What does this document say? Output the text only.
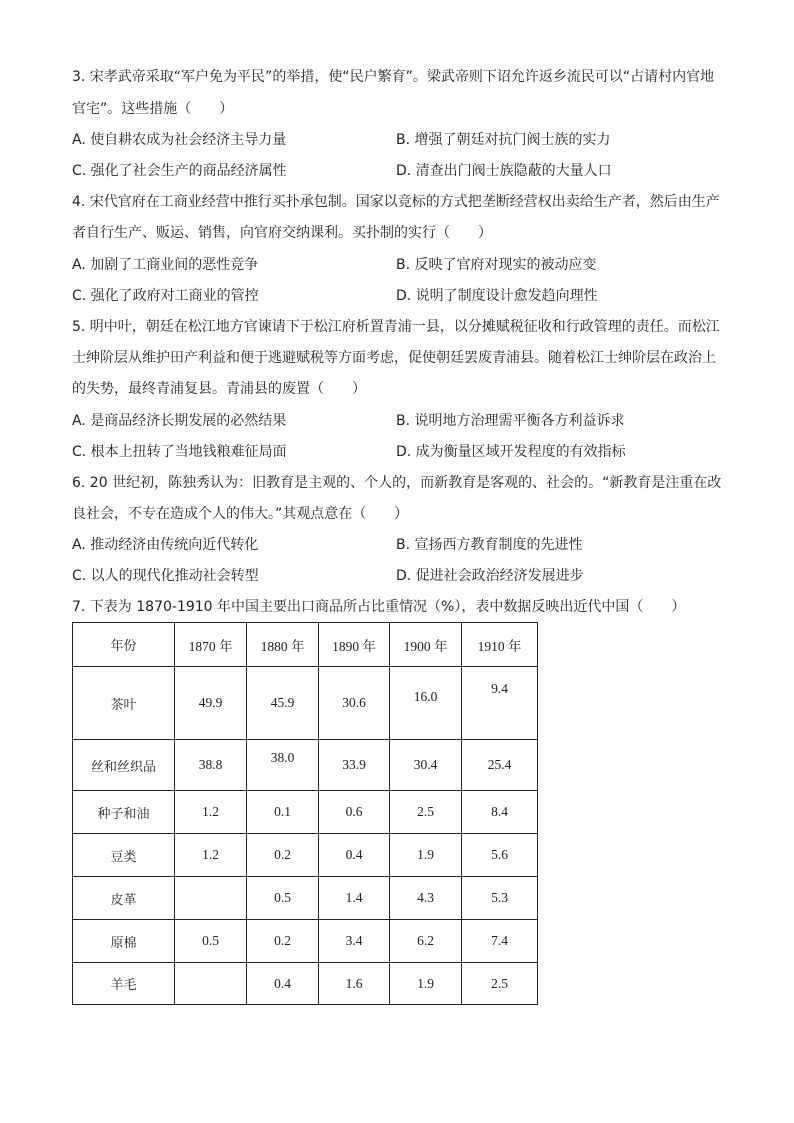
3. 宋孝武帝采取“军户免为平民”的举措，使“民户繁育”。梁武帝则下诏允许返乡流民可以“占请村内官地
官宅”。这些措施（　　）
A. 使自耕农成为社会经济主导力量	B. 增强了朝廷对抗门阀士族的实力
C. 强化了社会生产的商品经济属性	D. 清查出门阀士族隐蔽的大量人口
4. 宋代官府在工商业经营中推行买扑承包制。国家以竞标的方式把垄断经营权出卖给生产者，然后由生产
者自行生产、贩运、销售，向官府交纳课利。买扑制的实行（　　）
A. 加剧了工商业间的恶性竞争	B. 反映了官府对现实的被动应变
C. 强化了政府对工商业的管控	D. 说明了制度设计愈发趋向理性
5. 明中叶，朝廷在松江地方官谏请下于松江府析置青浦一县，以分摊赋税征收和行政管理的责任。而松江
士绅阶层从维护田产利益和便于逃避赋税等方面考虑，促使朝廷罢废青浦县。随着松江士绅阶层在政治上
的失势，最终青浦复县。青浦县的废置（　　）
A. 是商品经济长期发展的必然结果	B. 说明地方治理需平衡各方利益诉求
C. 根本上扭转了当地钱粮难征局面	D. 成为衡量区域开发程度的有效指标
6. 20 世纪初，陈独秀认为：旧教育是主观的、个人的，而新教育是客观的、社会的。“新教育是注重在改
良社会，不专在造成个人的伟大。”其观点意在（　　）
A. 推动经济由传统向近代转化	B. 宣扬西方教育制度的先进性
C. 以人的现代化推动社会转型	D. 促进社会政治经济发展进步
7. 下表为 1870-1910 年中国主要出口商品所占比重情况（%），表中数据反映出近代中国（　　）
年份	1870 年	1880 年	1890 年	1900 年	1910 年
茶叶	49.9	45.9	30.6	16.0	9.4
丝和丝织品	38.8	38.0	33.9	30.4	25.4
种子和油	1.2	0.1	0.6	2.5	8.4
豆类	1.2	0.2	0.4	1.9	5.6
皮革		0.5	1.4	4.3	5.3
原棉	0.5	0.2	3.4	6.2	7.4
羊毛		0.4	1.6	1.9	2.5
